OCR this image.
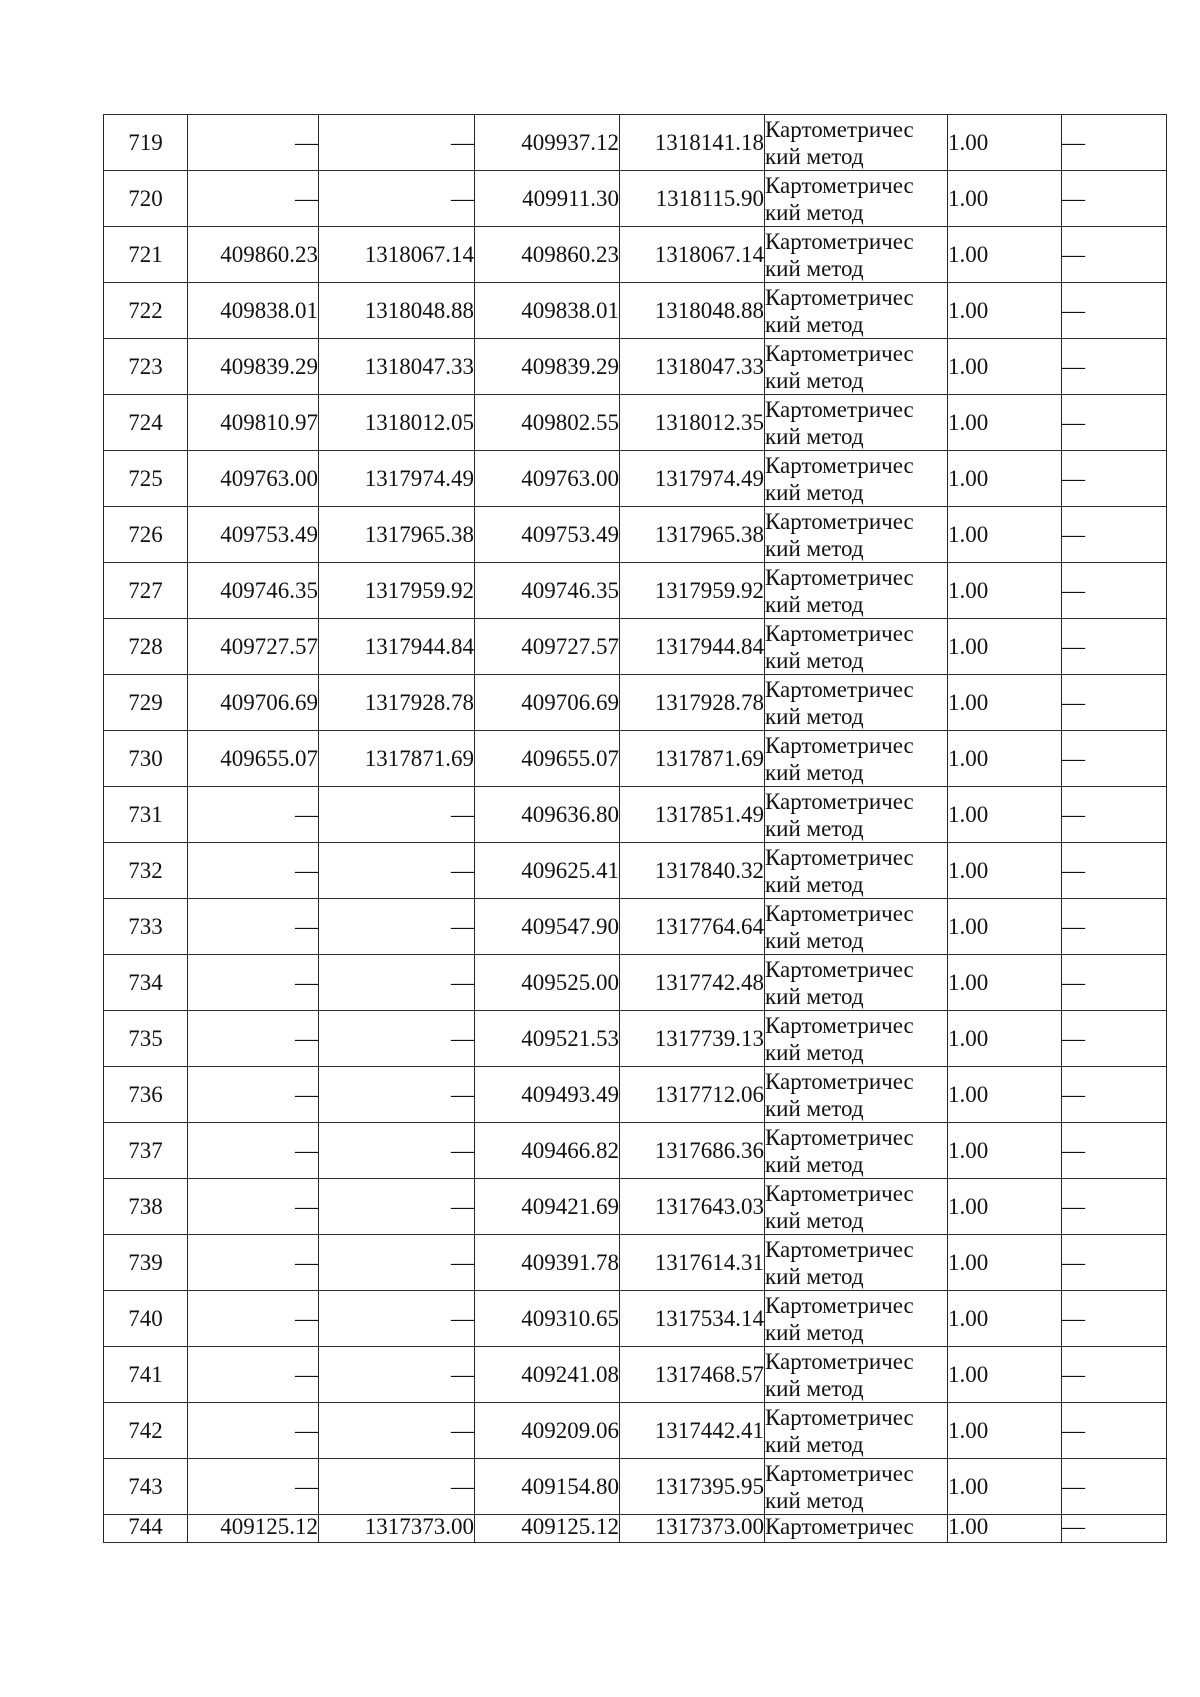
719	—	—	409937.12	1318141.18	Картометричес
кий метод	1.00	—
720	—	—	409911.30	1318115.90	Картометричес
кий метод	1.00	—
721	409860.23	1318067.14	409860.23	1318067.14	Картометричес
кий метод	1.00	—
722	409838.01	1318048.88	409838.01	1318048.88	Картометричес
кий метод	1.00	—
723	409839.29	1318047.33	409839.29	1318047.33	Картометричес
кий метод	1.00	—
724	409810.97	1318012.05	409802.55	1318012.35	Картометричес
кий метод	1.00	—
725	409763.00	1317974.49	409763.00	1317974.49	Картометричес
кий метод	1.00	—
726	409753.49	1317965.38	409753.49	1317965.38	Картометричес
кий метод	1.00	—
727	409746.35	1317959.92	409746.35	1317959.92	Картометричес
кий метод	1.00	—
728	409727.57	1317944.84	409727.57	1317944.84	Картометричес
кий метод	1.00	—
729	409706.69	1317928.78	409706.69	1317928.78	Картометричес
кий метод	1.00	—
730	409655.07	1317871.69	409655.07	1317871.69	Картометричес
кий метод	1.00	—
731	—	—	409636.80	1317851.49	Картометричес
кий метод	1.00	—
732	—	—	409625.41	1317840.32	Картометричес
кий метод	1.00	—
733	—	—	409547.90	1317764.64	Картометричес
кий метод	1.00	—
734	—	—	409525.00	1317742.48	Картометричес
кий метод	1.00	—
735	—	—	409521.53	1317739.13	Картометричес
кий метод	1.00	—
736	—	—	409493.49	1317712.06	Картометричес
кий метод	1.00	—
737	—	—	409466.82	1317686.36	Картометричес
кий метод	1.00	—
738	—	—	409421.69	1317643.03	Картометричес
кий метод	1.00	—
739	—	—	409391.78	1317614.31	Картометричес
кий метод	1.00	—
740	—	—	409310.65	1317534.14	Картометричес
кий метод	1.00	—
741	—	—	409241.08	1317468.57	Картометричес
кий метод	1.00	—
742	—	—	409209.06	1317442.41	Картометричес
кий метод	1.00	—
743	—	—	409154.80	1317395.95	Картометричес
кий метод	1.00	—
744	409125.12	1317373.00	409125.12	1317373.00	Картометричес	1.00	—
